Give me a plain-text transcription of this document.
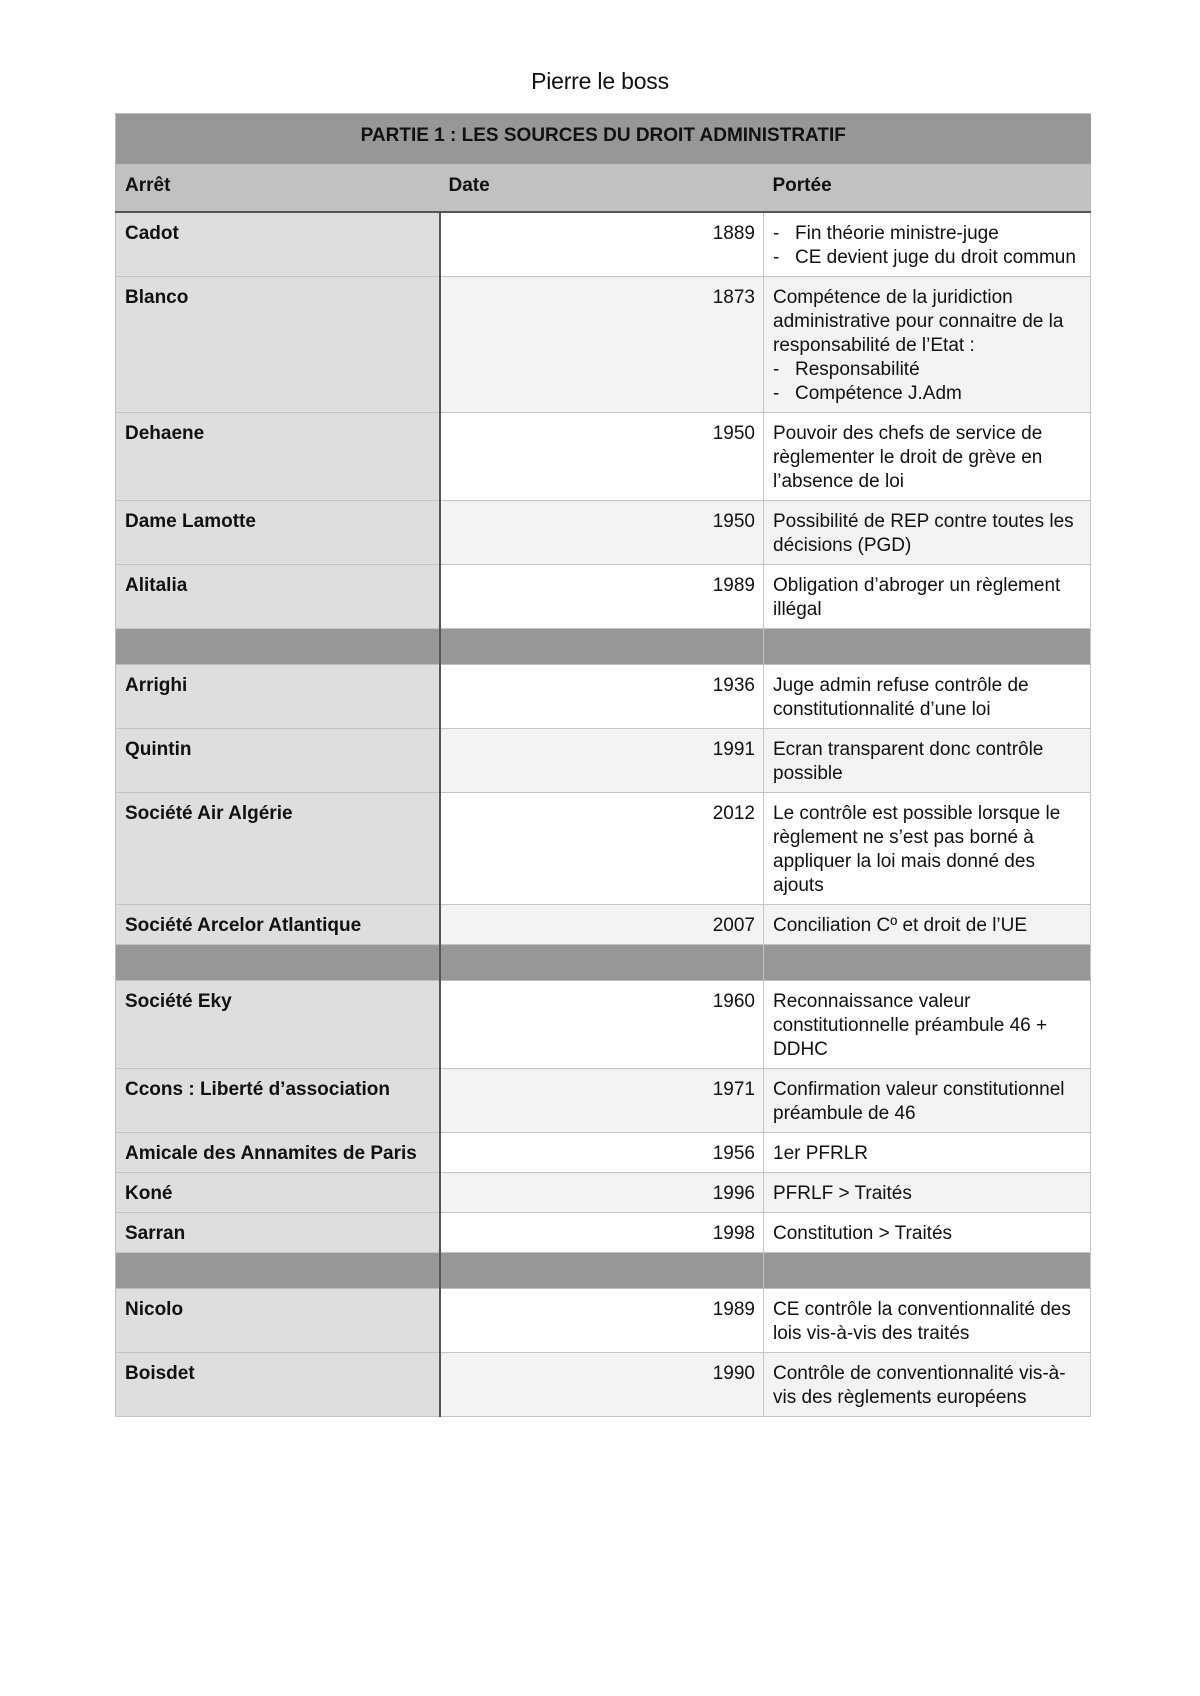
Pierre le boss
PARTIE 1 : LES SOURCES DU DROIT ADMINISTRATIF		
Arrêt	Date	Portée
Cadot	1889	- Fin théorie ministre-juge
- CE devient juge du droit commun

Blanco	1873	Compétence de la juridiction administrative pour connaitre de la responsabilité de l’Etat :
- Responsabilité
- Compétence J.Adm

Dehaene	1950	Pouvoir des chefs de service de règlementer le droit de grève en l’absence de loi

Dame Lamotte	1950	Possibilité de REP contre toutes les décisions (PGD)

Alitalia	1989	Obligation d’abroger un règlement illégal

Arrighi	1936	Juge admin refuse contrôle de constitutionnalité d’une loi

Quintin	1991	Ecran transparent donc contrôle possible

Société Air Algérie	2012	Le contrôle est possible lorsque le règlement ne s’est pas borné à appliquer la loi mais donné des ajouts

Société Arcelor Atlantique	2007	Conciliation Cº et droit de l’UE

Société Eky	1960	Reconnaissance valeur constitutionnelle préambule 46 + DDHC

Ccons : Liberté d’association	1971	Confirmation valeur constitutionnel préambule de 46

Amicale des Annamites de Paris	1956	1er PFRLR

Koné	1996	PFRLF > Traités

Sarran	1998	Constitution > Traités

Nicolo	1989	CE contrôle la conventionnalité des lois vis-à-vis des traités

Boisdet	1990	Contrôle de conventionnalité vis-à-vis des règlements européens
